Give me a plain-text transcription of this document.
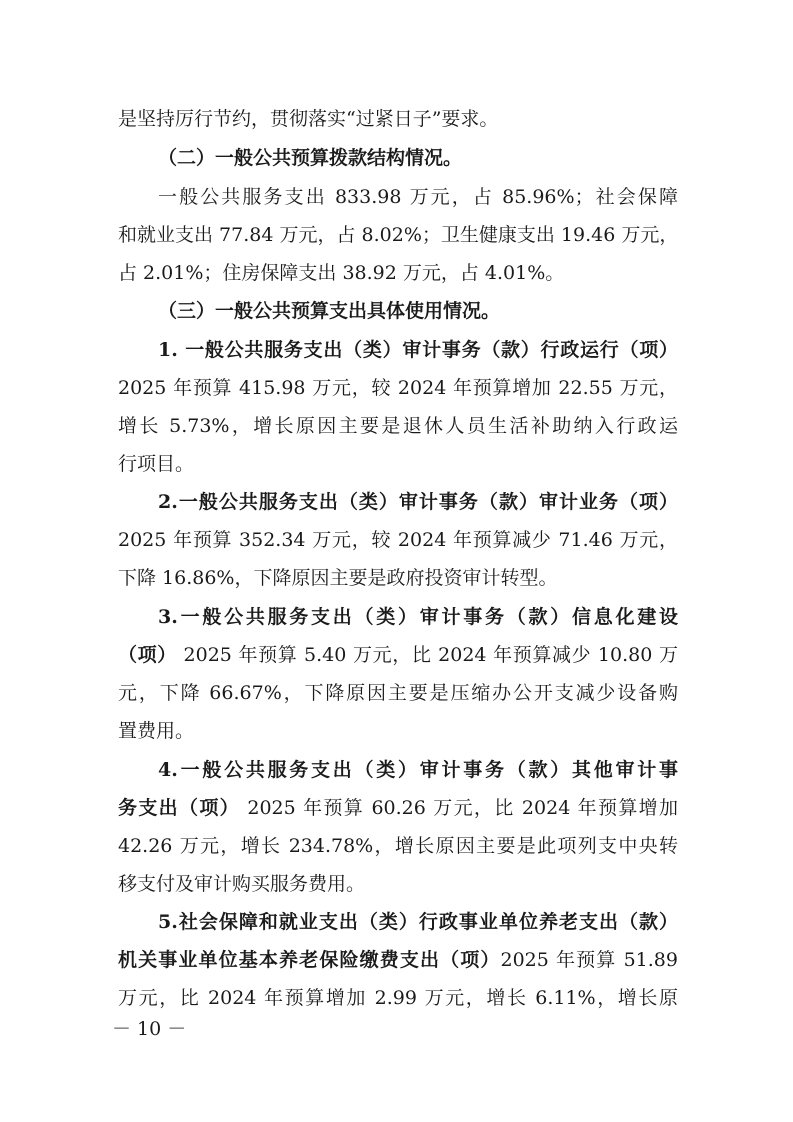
是坚持厉行节约，贯彻落实“过紧日子”要求。
（二）一般公共预算拨款结构情况。
一般公共服务支出 833.98 万元，占 85.96%；社会保障
和就业支出 77.84 万元，占 8.02%；卫生健康支出 19.46 万元，
占 2.01%；住房保障支出 38.92 万元，占 4.01%。
（三）一般公共预算支出具体使用情况。
1. 一般公共服务支出（类）审计事务（款）行政运行（项）
2025 年预算 415.98 万元，较 2024 年预算增加 22.55 万元，
增长 5.73%，增长原因主要是退休人员生活补助纳入行政运
行项目。
2.一般公共服务支出（类）审计事务（款）审计业务（项）
2025 年预算 352.34 万元，较 2024 年预算减少 71.46 万元，
下降 16.86%，下降原因主要是政府投资审计转型。
3.一般公共服务支出（类）审计事务（款）信息化建设
（项） 2025 年预算 5.40 万元，比 2024 年预算减少 10.80 万
元，下降 66.67%，下降原因主要是压缩办公开支减少设备购
置费用。
4.一般公共服务支出（类）审计事务（款）其他审计事
务支出（项） 2025 年预算 60.26 万元，比 2024 年预算增加
42.26 万元，增长 234.78%，增长原因主要是此项列支中央转
移支付及审计购买服务费用。
5.社会保障和就业支出（类）行政事业单位养老支出（款）
机关事业单位基本养老保险缴费支出（项）2025 年预算 51.89
万元，比 2024 年预算增加 2.99 万元，增长 6.11%，增长原
－ 10 －
